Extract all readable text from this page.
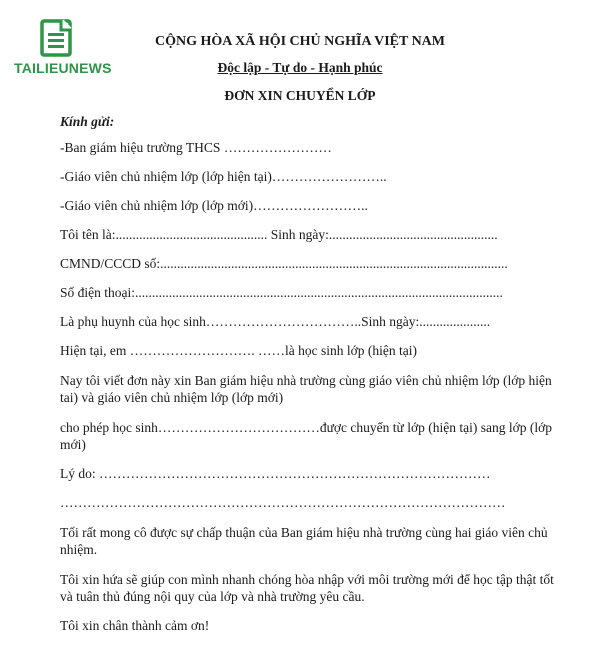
TAILIEUNEWS
CỘNG HÒA XÃ HỘI CHỦ NGHĨA VIỆT NAM
Độc lập - Tự do - Hạnh phúc
ĐƠN XIN CHUYỂN LỚP
Kính gửi:
-Ban giám hiệu trường THCS ……………………
-Giáo viên chủ nhiệm lớp (lớp hiện tại)……………………..
-Giáo viên chủ nhiệm lớp (lớp mới)……………………..
Tôi tên là:............................................. Sinh ngày:..................................................
CMND/CCCD số:.......................................................................................................
Số điện thoại:.............................................................................................................
Là phụ huynh của học sinh……………………………..Sinh ngày:.....................
Hiện tại, em ………………………. ……là học sinh lớp (hiện tại)
Nay tôi viết đơn này xin Ban giám hiệu nhà trường cùng giáo viên chủ nhiệm lớp (lớp hiện tai) và giáo viên chủ nhiệm lớp (lớp mới)
cho phép học sinh………………………………được chuyển từ lớp (hiện tại) sang lớp (lớp mới)
Lý do: ……………………………………………………………………………
………………………………………………………………………………………
Tối rất mong cô được sự chấp thuận của Ban giám hiệu nhà trường cùng hai giáo viên chủ nhiệm.
Tôi xin hứa sẽ giúp con mình nhanh chóng hòa nhập với môi trường mới để học tập thật tốt và tuân thủ đúng nội quy của lớp và nhà trường yêu cầu.
Tôi xin chân thành cảm ơn!
